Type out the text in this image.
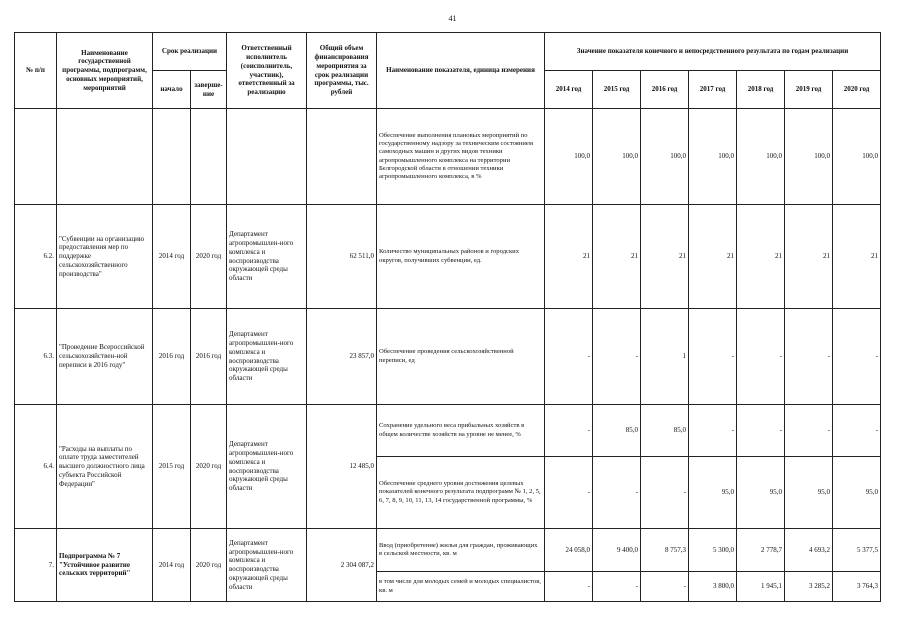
41
№ п/п	Наименование государственной программы, подпрограмм, основных мероприятий, мероприятий	Срок реализации		Ответственный исполнитель (соисполнитель, участник), ответственный за реализацию	Общий объем финансирования мероприятия за срок реализации программы, тыс. рублей	Наименование показателя, единица измерения	Значение показателя конечного и непосредственного результата по годам реализации						
		начало	заверше-ние				2014 год	2015 год	2016 год	2017 год	2018 год	2019 год	2020 год
						Обеспечение выполнения плановых мероприятий по государственному надзору за техническим состоянием самоходных машин и других видов техники агропромышленного комплекса на территории Белгородской области в отношении техники агропромышленного комплекса, в %	100,0	100,0	100,0	100,0	100,0	100,0	100,0
6.2.	"Субвенции на организацию предоставления мер по поддержке сельскохозяйственного производства"	2014 год	2020 год	Департамент агропромышлен-ного комплекса и воспроизводства окружающей среды области	62 511,0	Количество муниципальных районов и городских округов, получивших субвенции, ед.	21	21	21	21	21	21	21
6.3.	"Проведение Всероссийской сельскохозяйствен-ной переписи в 2016 году"	2016 год	2016 год	Департамент агропромышлен-ного комплекса и воспроизводства окружающей среды области	23 857,0	Обеспечение проведения сельскохозяйственной переписи, ед	-	-	1	-	-	-	-
6.4.	"Расходы на выплаты по оплате труда заместителей высшего должностного лица субъекта Российской Федерации"	2015 год	2020 год	Департамент агропромышлен-ного комплекса и воспроизводства окружающей среды области	12 485,0	Сохранение удельного веса прибыльных хозяйств в общем количестве хозяйств на уровне не менее, %	-	85,0	85,0	-	-	-	-
						Обеспечение среднего уровня достижения целевых показателей конечного результата подпрограмм № 1, 2, 5, 6, 7, 8, 9, 10, 11, 13, 14 государственной программы, %	-	-	-	95,0	95,0	95,0	95,0
7.	Подпрограмма № 7 "Устойчивое развитие сельских территорий"	2014 год	2020 год	Департамент агропромышлен-ного комплекса и воспроизводства окружающей среды области	2 304 087,2	Ввод (приобретение) жилья для граждан, проживающих в сельской местности, кв. м	24 058,0	9 400,0	8 757,3	5 300,0	2 778,7	4 693,2	5 377,5
						в том числе для молодых семей и молодых специалистов, кв. м	-	-	-	3 800,0	1 945,1	3 285,2	3 764,3
